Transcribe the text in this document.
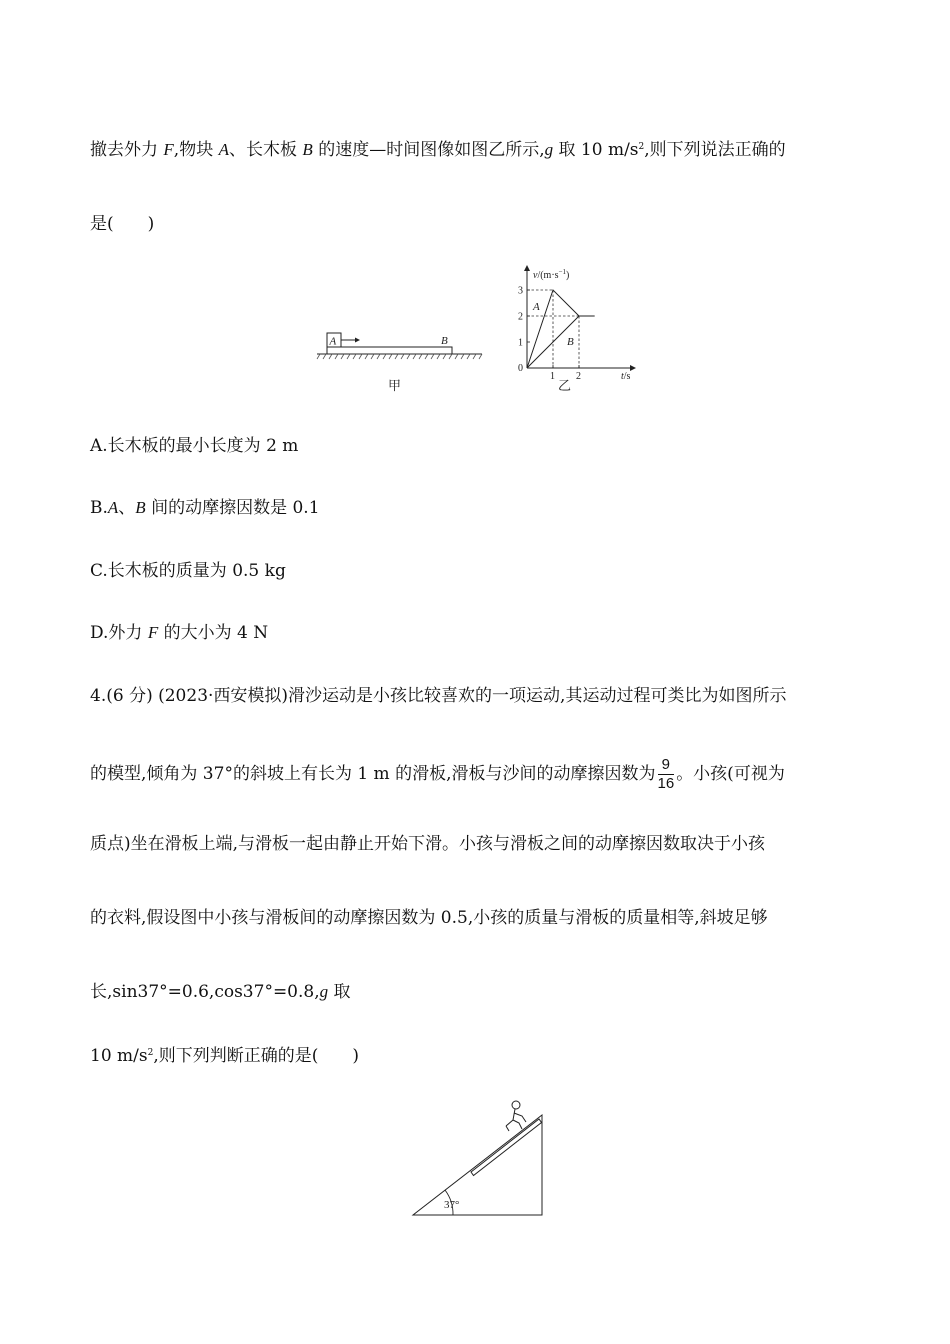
撤去外力 F,物块 A、长木板 B 的速度—时间图像如图乙所示,g 取 10 $m/s^2$,则下列说法正确的
是(　　)
A	B
甲
$v/(m\cdot s^{-1})$
t/s
0
1 2
1
2
3
A
B
乙
A.长木板的最小长度为 2 m
B.A、B 间的动摩擦因数是 0.1
C.长木板的质量为 0.5 kg
D.外力 F 的大小为 4 N
4.(6 分) (2023·西安模拟)滑沙运动是小孩比较喜欢的一项运动,其运动过程可类比为如图所示
的模型,倾角为 37°的斜坡上有长为 1 m 的滑板,滑板与沙间的动摩擦因数为 $\frac{9}{16}$ 。小孩(可视为
质点)坐在滑板上端,与滑板一起由静止开始下滑。小孩与滑板之间的动摩擦因数取决于小孩
的衣料,假设图中小孩与滑板间的动摩擦因数为 0.5,小孩的质量与滑板的质量相等,斜坡足够
长,sin37°=0.6,cos37°=0.8,g 取
10 $m/s^2$,则下列判断正确的是(　　)
37°
